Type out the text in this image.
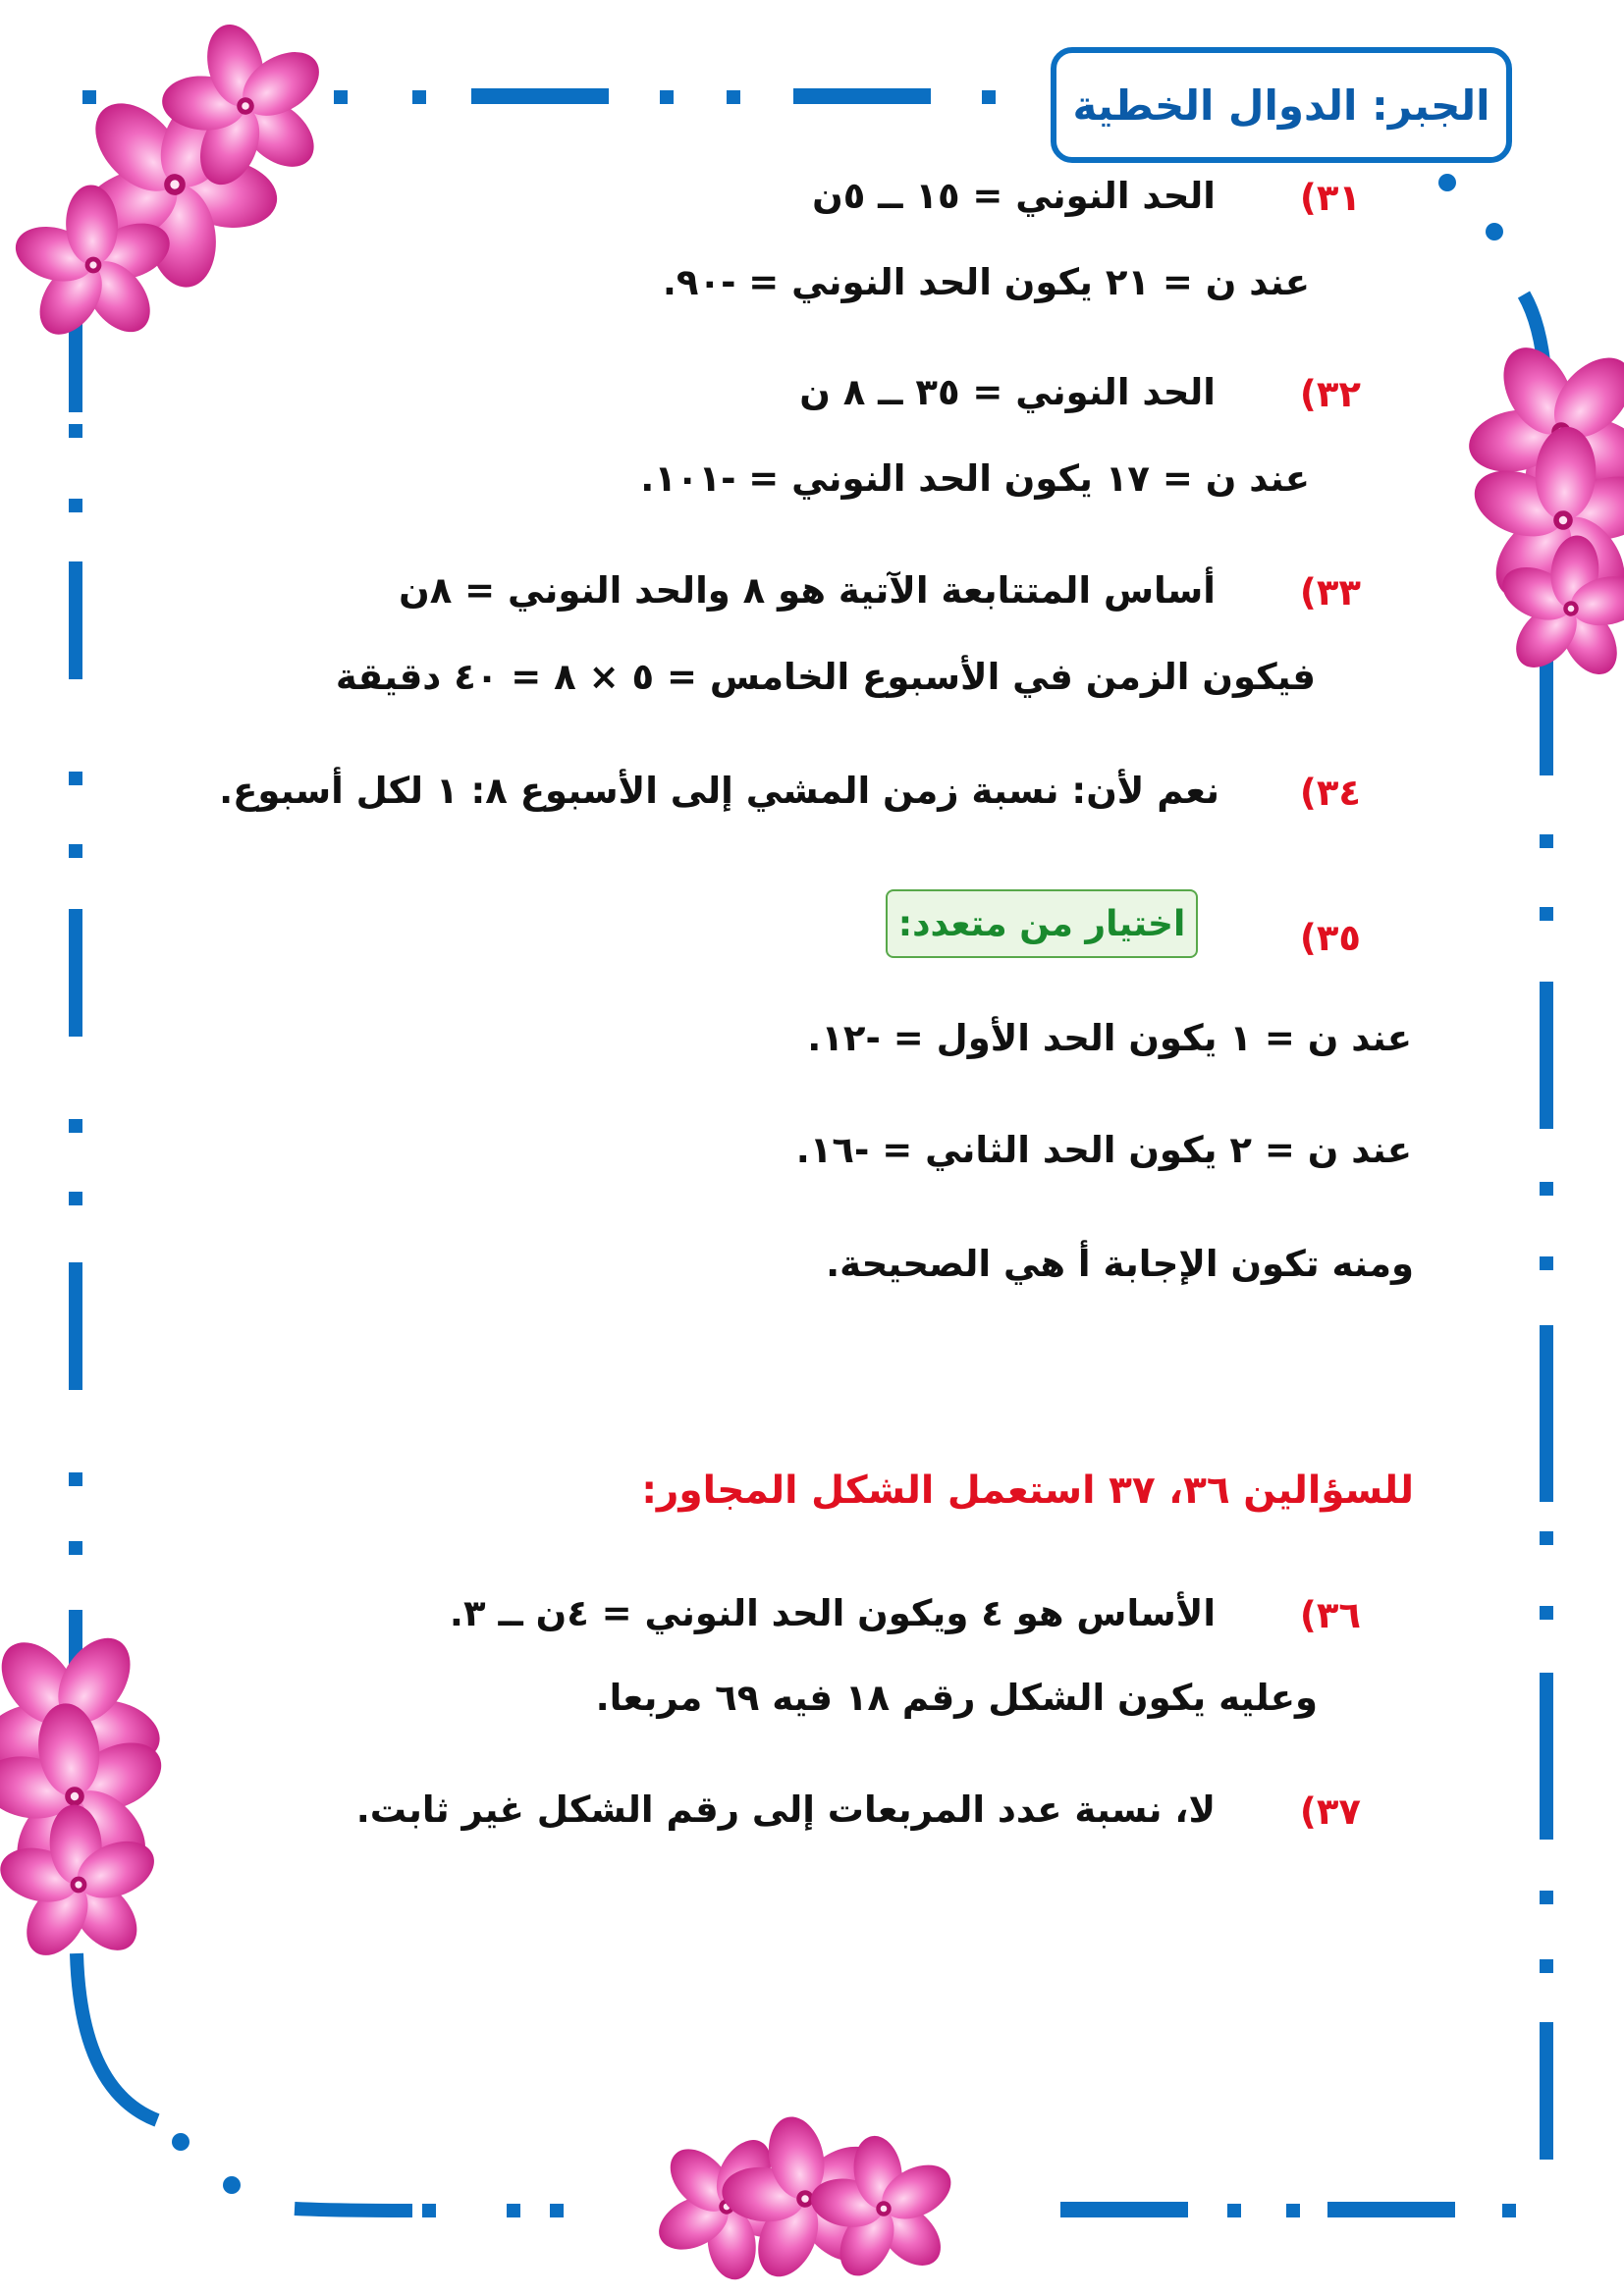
الجبر: الدوال الخطية
٣١)
الحد النوني = ١٥ ــ ٥ن
عند ن = ٢١ يكون الحد النوني = -٩٠.
٣٢)
الحد النوني = ٣٥ ــ ٨ ن
عند ن = ١٧ يكون الحد النوني = -١٠١.
٣٣)
أساس المتتابعة الآتية هو ٨ والحد النوني = ٨ن
فيكون الزمن في الأسبوع الخامس = ٥ × ٨ = ٤٠ دقيقة
٣٤)
نعم لأن: نسبة زمن المشي إلى الأسبوع ٨: ١ لكل أسبوع.
٣٥)
اختيار من متعدد:
عند ن = ١ يكون الحد الأول = -١٢.
عند ن = ٢ يكون الحد الثاني = -١٦.
ومنه تكون الإجابة أ هي الصحيحة.
للسؤالين ٣٦، ٣٧ استعمل الشكل المجاور:
٣٦)
الأساس هو ٤ ويكون الحد النوني = ٤ن ــ ٣.
وعليه يكون الشكل رقم ١٨ فيه ٦٩ مربعا.
٣٧)
لا، نسبة عدد المربعات إلى رقم الشكل غير ثابت.
